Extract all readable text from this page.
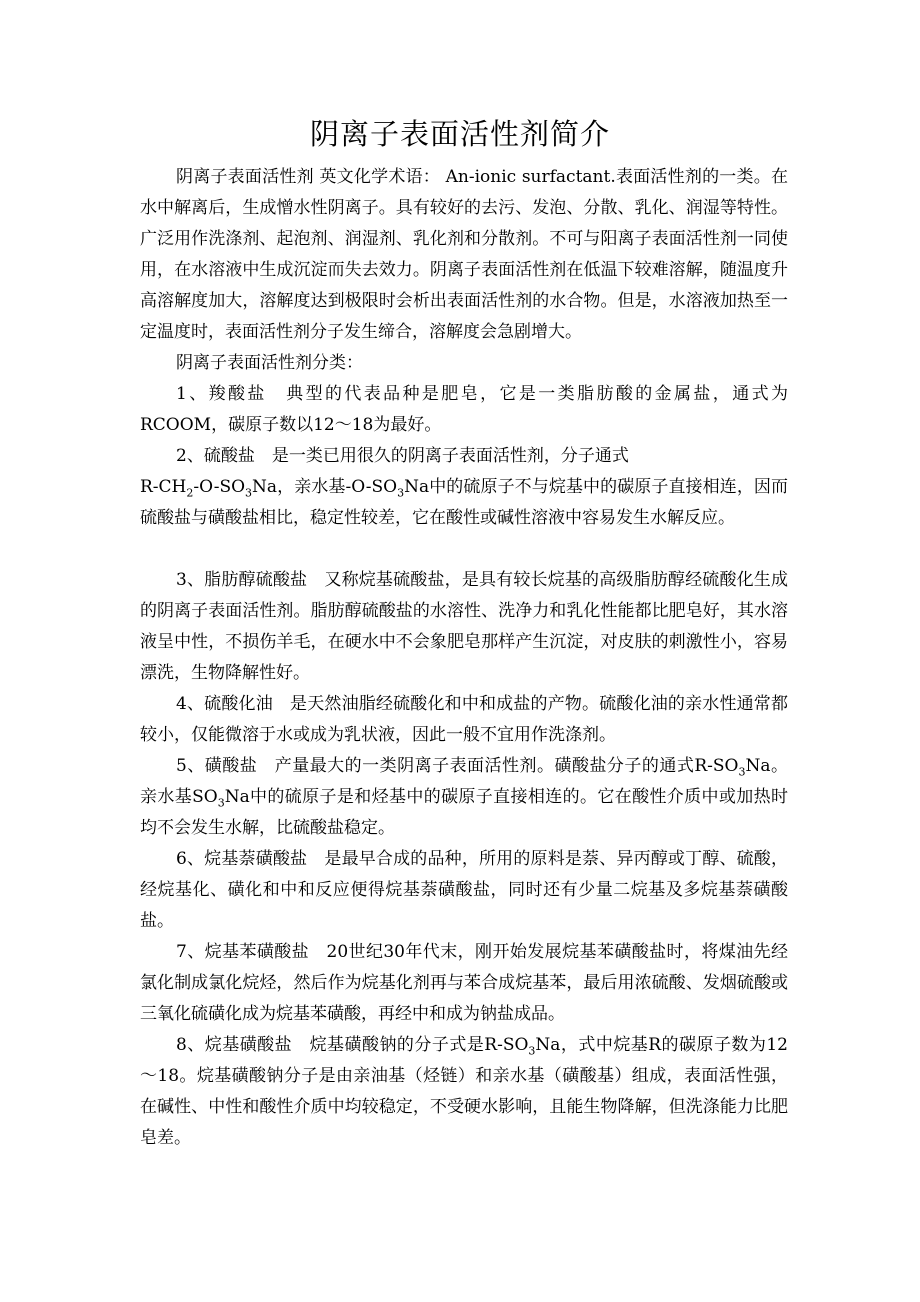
阴离子表面活性剂简介

阴离子表面活性剂 英文化学术语： An-ionic surfactant.表面活性剂的一类。在水中解离后，生成憎水性阴离子。具有较好的去污、发泡、分散、乳化、润湿等特性。广泛用作洗涤剂、起泡剂、润湿剂、乳化剂和分散剂。不可与阳离子表面活性剂一同使用，在水溶液中生成沉淀而失去效力。阴离子表面活性剂在低温下较难溶解，随温度升高溶解度加大，溶解度达到极限时会析出表面活性剂的水合物。但是，水溶液加热至一定温度时，表面活性剂分子发生缔合，溶解度会急剧增大。

阴离子表面活性剂分类：

1、羧酸盐　典型的代表品种是肥皂，它是一类脂肪酸的金属盐，通式为RCOOM，碳原子数以12～18为最好。

2、硫酸盐　是一类已用很久的阴离子表面活性剂，分子通式
$R-CH_2-O-SO_3Na$，亲水基$-O-SO_3Na$中的硫原子不与烷基中的碳原子直接相连，因而硫酸盐与磺酸盐相比，稳定性较差，它在酸性或碱性溶液中容易发生水解反应。

3、脂肪醇硫酸盐　又称烷基硫酸盐，是具有较长烷基的高级脂肪醇经硫酸化生成的阴离子表面活性剂。脂肪醇硫酸盐的水溶性、洗净力和乳化性能都比肥皂好，其水溶液呈中性，不损伤羊毛，在硬水中不会象肥皂那样产生沉淀，对皮肤的刺激性小，容易漂洗，生物降解性好。

4、硫酸化油　是天然油脂经硫酸化和中和成盐的产物。硫酸化油的亲水性通常都较小，仅能微溶于水或成为乳状液，因此一般不宜用作洗涤剂。

5、磺酸盐　产量最大的一类阴离子表面活性剂。磺酸盐分子的通式$R-SO_3Na$。亲水基$SO_3Na$中的硫原子是和烃基中的碳原子直接相连的。它在酸性介质中或加热时均不会发生水解，比硫酸盐稳定。

6、烷基萘磺酸盐　是最早合成的品种，所用的原料是萘、异丙醇或丁醇、硫酸，经烷基化、磺化和中和反应便得烷基萘磺酸盐，同时还有少量二烷基及多烷基萘磺酸盐。

7、烷基苯磺酸盐　20世纪30年代末，刚开始发展烷基苯磺酸盐时，将煤油先经氯化制成氯化烷烃，然后作为烷基化剂再与苯合成烷基苯，最后用浓硫酸、发烟硫酸或三氧化硫磺化成为烷基苯磺酸，再经中和成为钠盐成品。

8、烷基磺酸盐　烷基磺酸钠的分子式是$R-SO_3Na$，式中烷基R的碳原子数为12～18。烷基磺酸钠分子是由亲油基（烃链）和亲水基（磺酸基）组成，表面活性强，在碱性、中性和酸性介质中均较稳定，不受硬水影响，且能生物降解，但洗涤能力比肥皂差。
